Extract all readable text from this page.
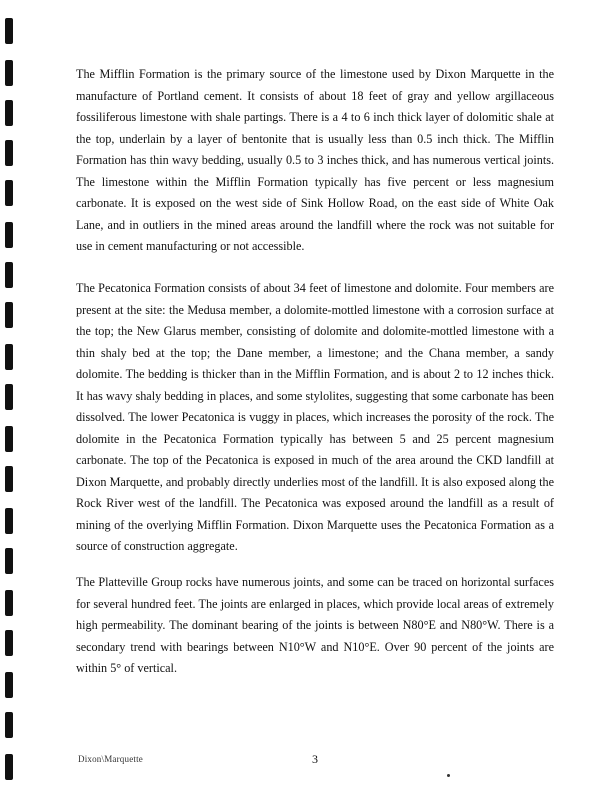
The Mifflin Formation is the primary source of the limestone used by Dixon Marquette in the manufacture of Portland cement. It consists of about 18 feet of gray and yellow argillaceous fossiliferous limestone with shale partings. There is a 4 to 6 inch thick layer of dolomitic shale at the top, underlain by a layer of bentonite that is usually less than 0.5 inch thick. The Mifflin Formation has thin wavy bedding, usually 0.5 to 3 inches thick, and has numerous vertical joints. The limestone within the Mifflin Formation typically has five percent or less magnesium carbonate. It is exposed on the west side of Sink Hollow Road, on the east side of White Oak Lane, and in outliers in the mined areas around the landfill where the rock was not suitable for use in cement manufacturing or not accessible.

The Pecatonica Formation consists of about 34 feet of limestone and dolomite. Four members are present at the site: the Medusa member, a dolomite-mottled limestone with a corrosion surface at the top; the New Glarus member, consisting of dolomite and dolomite-mottled limestone with a thin shaly bed at the top; the Dane member, a limestone; and the Chana member, a sandy dolomite. The bedding is thicker than in the Mifflin Formation, and is about 2 to 12 inches thick. It has wavy shaly bedding in places, and some stylolites, suggesting that some carbonate has been dissolved. The lower Pecatonica is vuggy in places, which increases the porosity of the rock. The dolomite in the Pecatonica Formation typically has between 5 and 25 percent magnesium carbonate. The top of the Pecatonica is exposed in much of the area around the CKD landfill at Dixon Marquette, and probably directly underlies most of the landfill. It is also exposed along the Rock River west of the landfill. The Pecatonica was exposed around the landfill as a result of mining of the overlying Mifflin Formation. Dixon Marquette uses the Pecatonica Formation as a source of construction aggregate.

The Platteville Group rocks have numerous joints, and some can be traced on horizontal surfaces for several hundred feet. The joints are enlarged in places, which provide local areas of extremely high permeability. The dominant bearing of the joints is between N80°E and N80°W. There is a secondary trend with bearings between N10°W and N10°E. Over 90 percent of the joints are within 5° of vertical.

Dixon\Marquette	3
